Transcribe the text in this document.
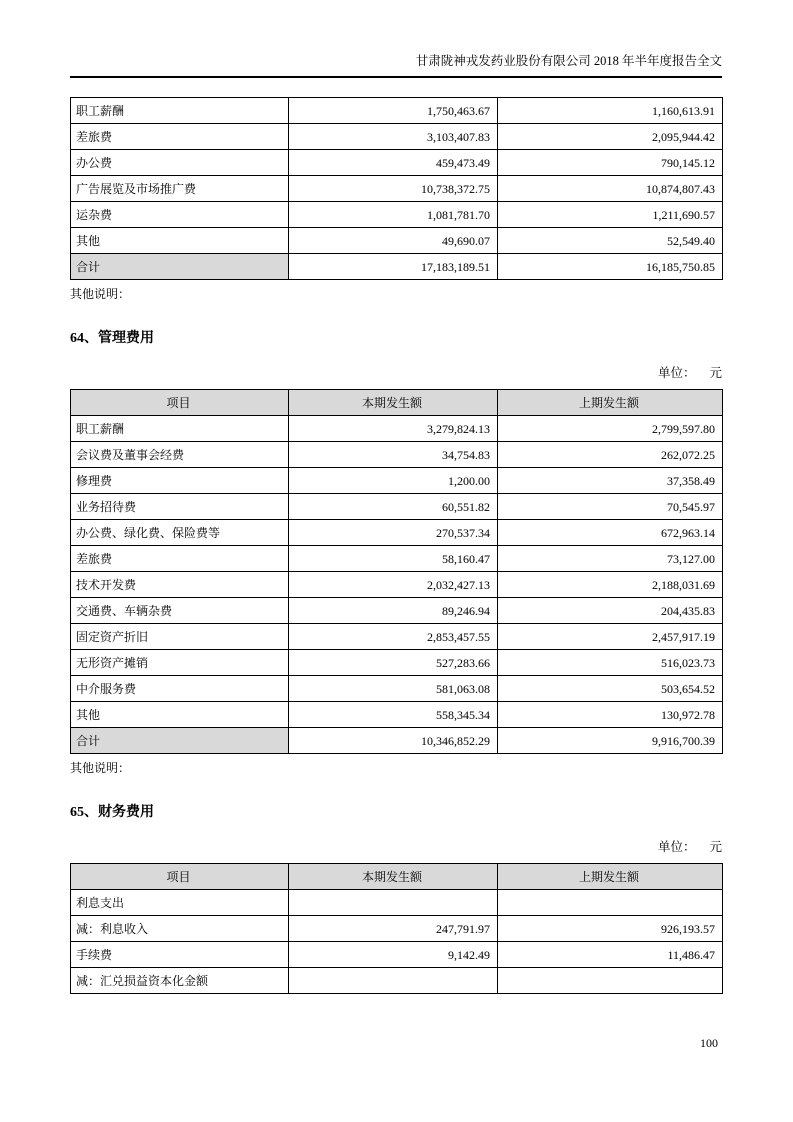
甘肃陇神戎发药业股份有限公司 2018 年半年度报告全文
职工薪酬	1,750,463.67	1,160,613.91
差旅费	3,103,407.83	2,095,944.42
办公费	459,473.49	790,145.12
广告展览及市场推广费	10,738,372.75	10,874,807.43
运杂费	1,081,781.70	1,211,690.57
其他	49,690.07	52,549.40
合计	17,183,189.51	16,185,750.85
其他说明：
64、管理费用
单位： 元
项目	本期发生额	上期发生额
职工薪酬	3,279,824.13	2,799,597.80
会议费及董事会经费	34,754.83	262,072.25
修理费	1,200.00	37,358.49
业务招待费	60,551.82	70,545.97
办公费、绿化费、保险费等	270,537.34	672,963.14
差旅费	58,160.47	73,127.00
技术开发费	2,032,427.13	2,188,031.69
交通费、车辆杂费	89,246.94	204,435.83
固定资产折旧	2,853,457.55	2,457,917.19
无形资产摊销	527,283.66	516,023.73
中介服务费	581,063.08	503,654.52
其他	558,345.34	130,972.78
合计	10,346,852.29	9,916,700.39
其他说明：
65、财务费用
单位： 元
项目	本期发生额	上期发生额
利息支出		
减：利息收入	247,791.97	926,193.57
手续费	9,142.49	11,486.47
减：汇兑损益资本化金额		
100
